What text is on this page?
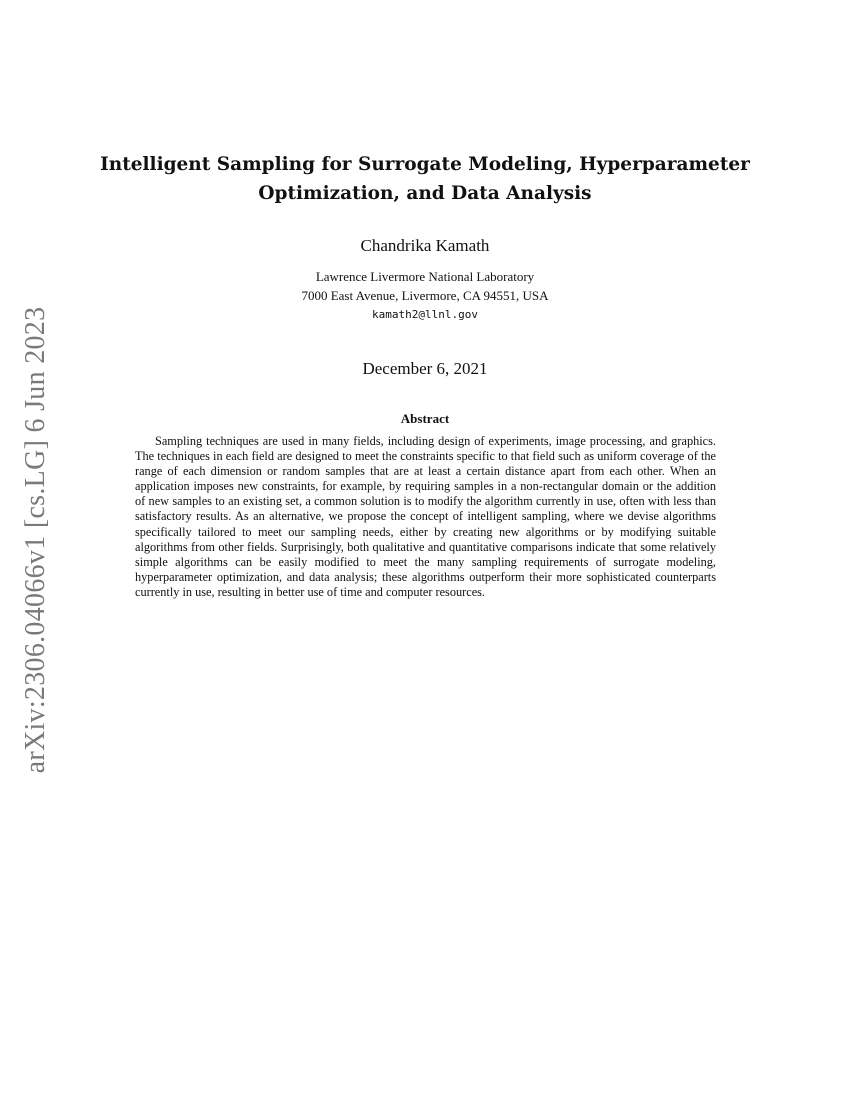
arXiv:2306.04066v1 [cs.LG] 6 Jun 2023
Intelligent Sampling for Surrogate Modeling, Hyperparameter
Optimization, and Data Analysis
Chandrika Kamath
Lawrence Livermore National Laboratory
7000 East Avenue, Livermore, CA 94551, USA
kamath2@llnl.gov
December 6, 2021
Abstract
Sampling techniques are used in many fields, including design of experiments, image processing, and graphics. The techniques in each field are designed to meet the constraints specific to that field such as uniform coverage of the range of each dimension or random samples that are at least a certain distance apart from each other. When an application imposes new constraints, for example, by requiring samples in a non-rectangular domain or the addition of new samples to an existing set, a common solution is to modify the algorithm currently in use, often with less than satisfactory results. As an alternative, we propose the concept of intelligent sampling, where we devise algorithms specifically tailored to meet our sampling needs, either by creating new algorithms or by modifying suitable algorithms from other fields. Surprisingly, both qualitative and quantitative comparisons indicate that some relatively simple algorithms can be easily modified to meet the many sampling requirements of surrogate modeling, hyperparameter optimization, and data analysis; these algorithms outperform their more sophisticated counterparts currently in use, resulting in better use of time and computer resources.
